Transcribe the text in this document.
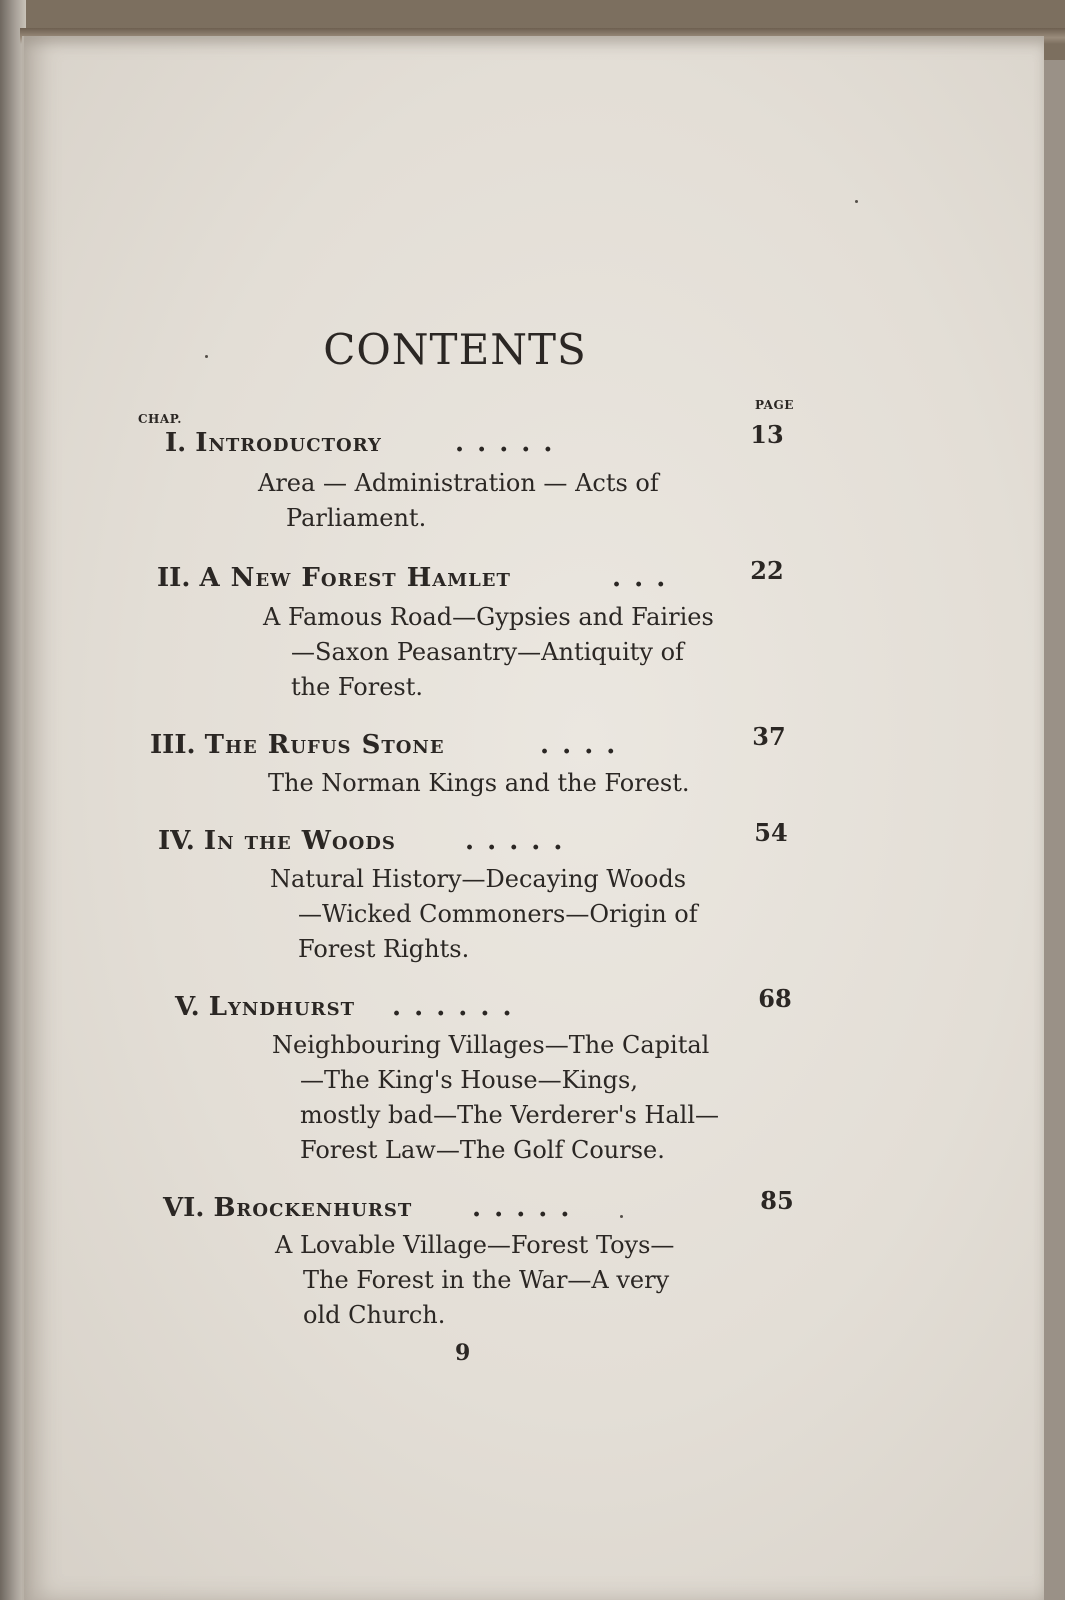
CONTENTS
CHAP.
PAGE
I. Introductory	. . . . .	13
Area — Administration — Acts of
Parliament.
II. A New Forest Hamlet	. . .	22
A Famous Road—Gypsies and Fairies
—Saxon Peasantry—Antiquity of
the Forest.
III. The Rufus Stone	. . . .	37
The Norman Kings and the Forest.
IV. In the Woods	. . . . .	54
Natural History—Decaying Woods
—Wicked Commoners—Origin of
Forest Rights.
V. Lyndhurst . . . . . .	68
Neighbouring Villages—The Capital
—The King's House—Kings,
mostly bad—The Verderer's Hall—
Forest Law—The Golf Course.
VI. Brockenhurst . . . . .	85
A Lovable Village—Forest Toys—
The Forest in the War—A very
old Church.
9
